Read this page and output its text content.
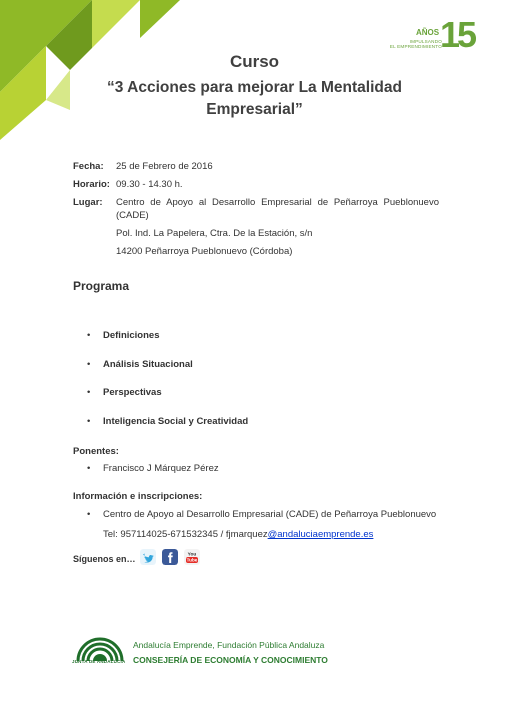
AÑOS
IMPULSANDO
EL EMPRENDIMIENTO
15
Curso
“3 Acciones para mejorar La Mentalidad
Empresarial”
Fecha: 25 de Febrero de 2016
Horario: 09.30 - 14.30 h.
Lugar: Centro de Apoyo al Desarrollo Empresarial de Peñarroya Pueblonuevo (CADE)
Pol. Ind. La Papelera, Ctra. De la Estación, s/n
14200 Peñarroya Pueblonuevo (Córdoba)
Programa
• Definiciones
• Análisis Situacional
• Perspectivas
• Inteligencia Social y Creatividad
Ponentes:
• Francisco J Márquez Pérez
Información e inscripciones:
• Centro de Apoyo al Desarrollo Empresarial (CADE) de Peñarroya Pueblonuevo
Tel: 957114025-671532345 / fjmarquez@andaluciaemprende.es
Síguenos en…	You
Tube
JUNTA DE ANDALUCIA
Andalucía Emprende, Fundación Pública Andaluza
CONSEJERÍA DE ECONOMÍA Y CONOCIMIENTO
